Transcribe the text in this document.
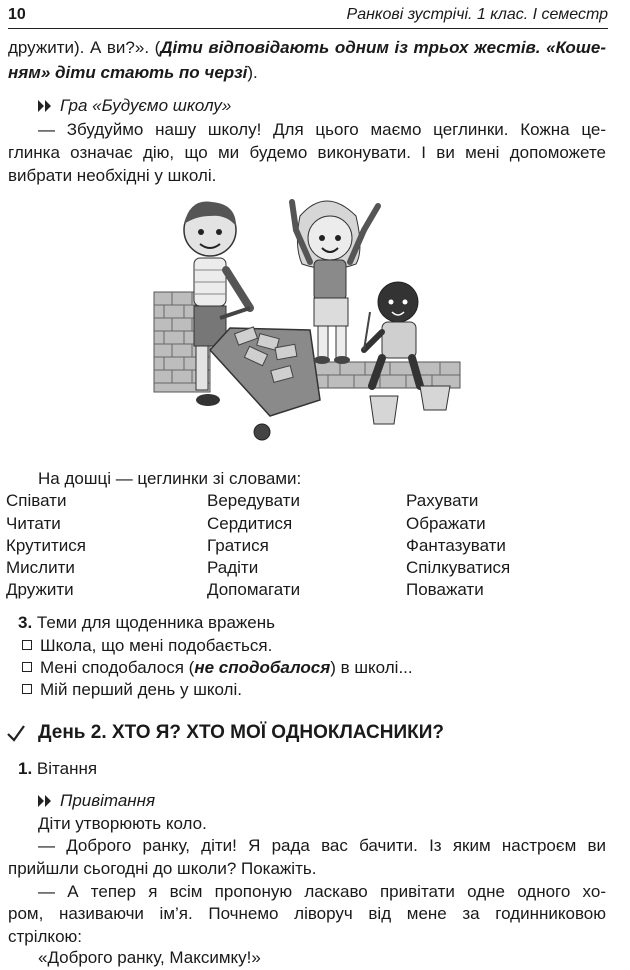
10	Ранкові зустрічі. 1 клас. І семестр
дружити). А ви?». (Діти відповідають одним із трьох жестів. «Коше-
ням» діти стають по черзі).
Гра «Будуємо школу»
— Збудуймо нашу школу! Для цього маємо цеглинки. Кожна це-
глинка означає дію, що ми будемо виконувати. І ви мені допоможете
вибрати необхідні у школі.
На дошці — цеглинки зі словами:
Співати
Читати
Крутитися
Мислити
Дружити
Вередувати
Сердитися
Гратися
Радіти
Допомагати
Рахувати
Ображати
Фантазувати
Спілкуватися
Поважати
3. Теми для щоденника вражень
Школа, що мені подобається.
Мені сподобалося (не сподобалося) в школі...
Мій перший день у школі.
День 2. ХТО Я? ХТО МОЇ ОДНОКЛАСНИКИ?
1. Вітання
Привітання
Діти утворюють коло.
— Доброго ранку, діти! Я рада вас бачити. Із яким настроєм ви
прийшли сьогодні до школи? Покажіть.
— А тепер я всім пропоную ласкаво привітати одне одного хо-
ром, називаючи ім’я. Почнемо ліворуч від мене за годинниковою
стрілкою:
«Доброго ранку, Максимку!»
